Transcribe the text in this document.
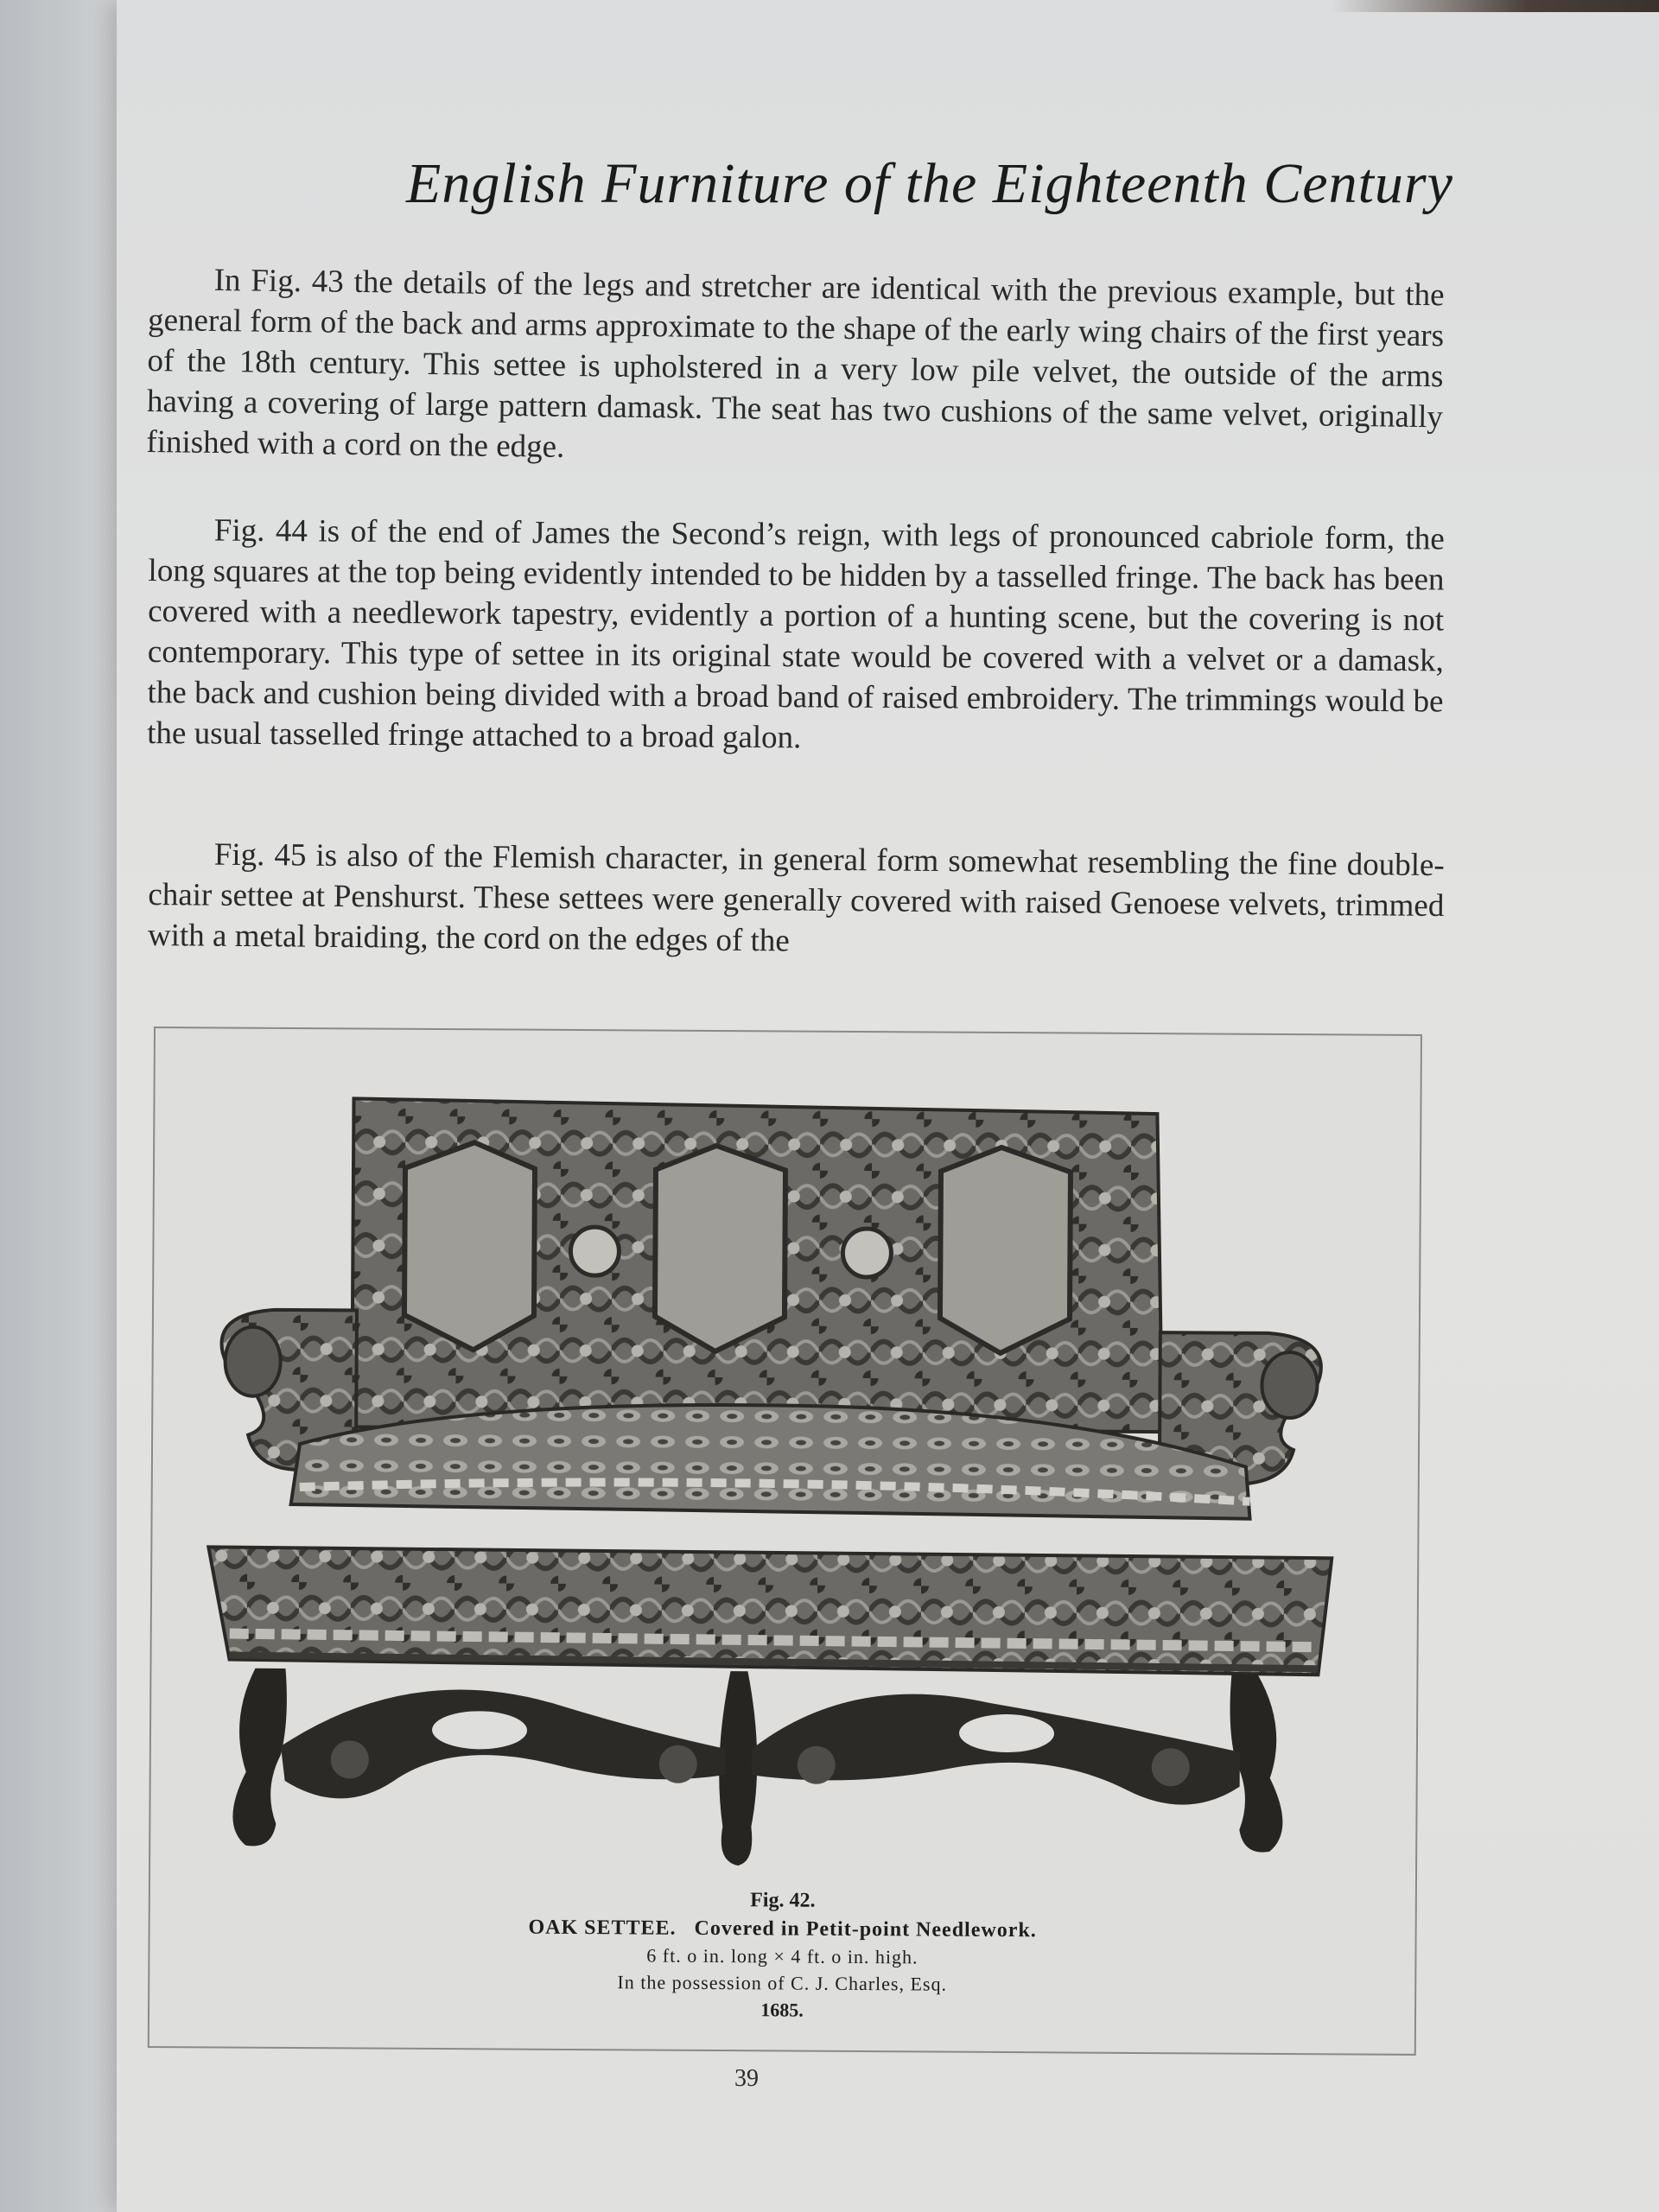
English Furniture of the Eighteenth Century

In Fig. 43 the details of the legs and stretcher are identical with the previous example, but the general form of the back and arms approximate to the shape of the early wing chairs of the first years of the 18th century. This settee is upholstered in a very low pile velvet, the outside of the arms having a covering of large pattern damask. The seat has two cushions of the same velvet, originally finished with a cord on the edge.

Fig. 44 is of the end of James the Second’s reign, with legs of pronounced cabriole form, the long squares at the top being evidently intended to be hidden by a tasselled fringe. The back has been covered with a needlework tapestry, evidently a portion of a hunting scene, but the covering is not contemporary. This type of settee in its original state would be covered with a velvet or a damask, the back and cushion being divided with a broad band of raised embroidery. The trimmings would be the usual tasselled fringe attached to a broad galon.

Fig. 45 is also of the Flemish character, in general form somewhat resembling the fine double-chair settee at Penshurst. These settees were generally covered with raised Genoese velvets, trimmed with a metal braiding, the cord on the edges of the

Fig. 42.
OAK SETTEE. Covered in Petit-point Needlework.
6 ft. o in. long × 4 ft. o in. high.
In the possession of C. J. Charles, Esq.
1685.
39
